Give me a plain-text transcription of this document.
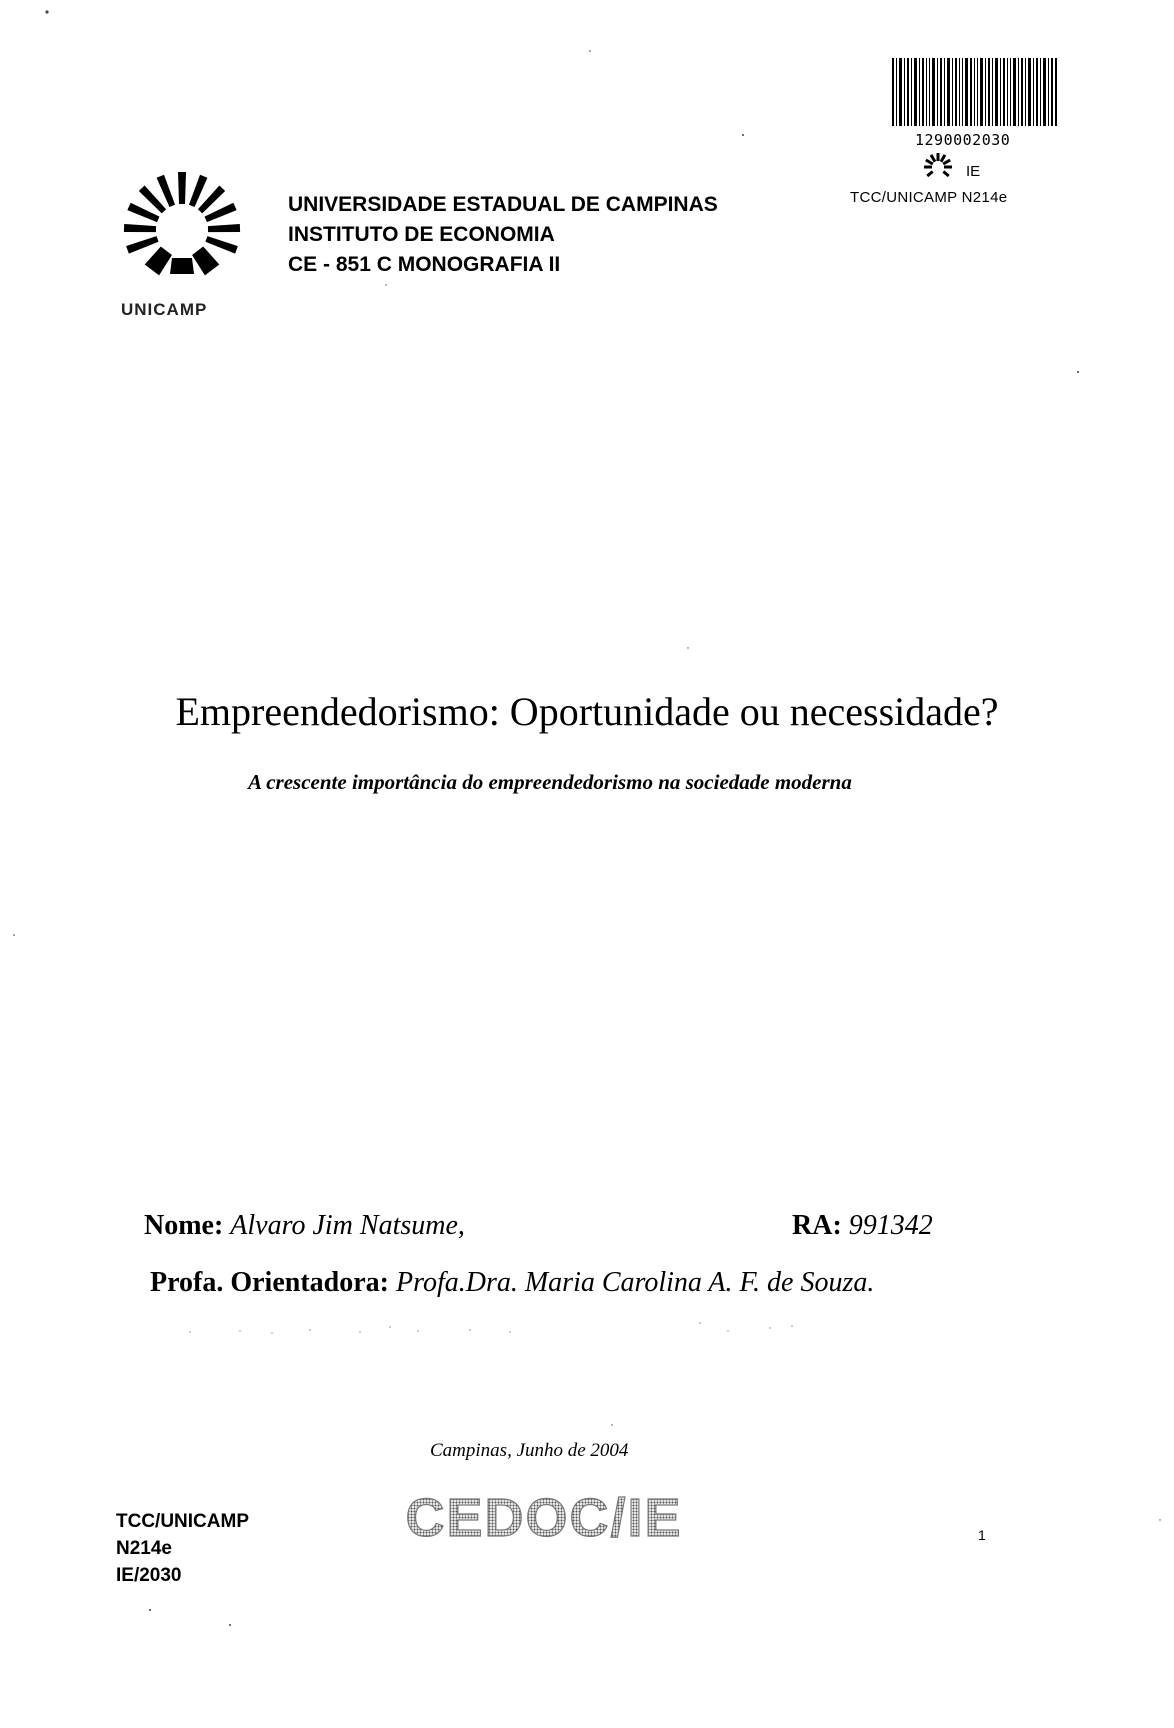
1290002030
IE
TCC/UNICAMP N214e
UNICAMP
UNIVERSIDADE ESTADUAL DE CAMPINAS
INSTITUTO DE ECONOMIA
CE - 851 C MONOGRAFIA II
Empreendedorismo: Oportunidade ou necessidade?
A crescente importância do empreendedorismo na sociedade moderna
Nome: Alvaro Jim Natsume,	RA: 991342
Profa. Orientadora: Profa.Dra. Maria Carolina A. F. de Souza.
Campinas, Junho de 2004
TCC/UNICAMP
N214e
IE/2030
CEDOC/IE	1
